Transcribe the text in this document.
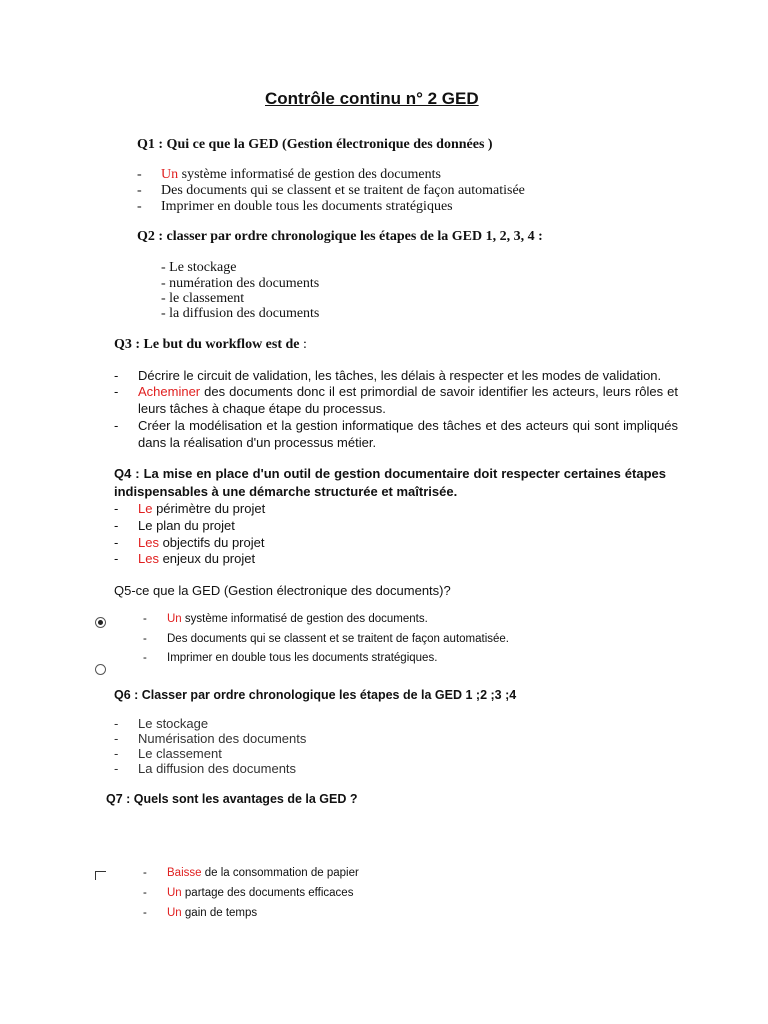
Contrôle continu n° 2 GED
Q1 : Qui ce que la GED (Gestion électronique des données )
- Un système informatisé de gestion des documents
- Des documents qui se classent et se traitent de façon automatisée
- Imprimer en double tous les documents stratégiques
Q2 : classer par ordre chronologique les étapes de la GED 1, 2, 3, 4 :
- Le stockage
- numération des documents
- le classement
- la diffusion des documents
Q3 : Le but du workflow est de :
- Décrire le circuit de validation, les tâches, les délais à respecter et les modes de validation.
- Acheminer des documents donc il est primordial de savoir identifier les acteurs, leurs rôles et leurs tâches à chaque étape du processus.
- Créer la modélisation et la gestion informatique des tâches et des acteurs qui sont impliqués dans la réalisation d'un processus métier.
Q4 : La mise en place d'un outil de gestion documentaire doit respecter certaines étapes indispensables à une démarche structurée et maîtrisée.
- Le périmètre du projet
- Le plan du projet
- Les objectifs du projet
- Les enjeux du projet
Q5-ce que la GED (Gestion électronique des documents)?
- Un système informatisé de gestion des documents.
- Des documents qui se classent et se traitent de façon automatisée.
- Imprimer en double tous les documents stratégiques.
Q6 : Classer par ordre chronologique les étapes de la GED 1 ;2 ;3 ;4
- Le stockage
- Numérisation des documents
- Le classement
- La diffusion des documents
Q7 : Quels sont les avantages de la GED ?
- Baisse de la consommation de papier
- Un partage des documents efficaces
- Un gain de temps
